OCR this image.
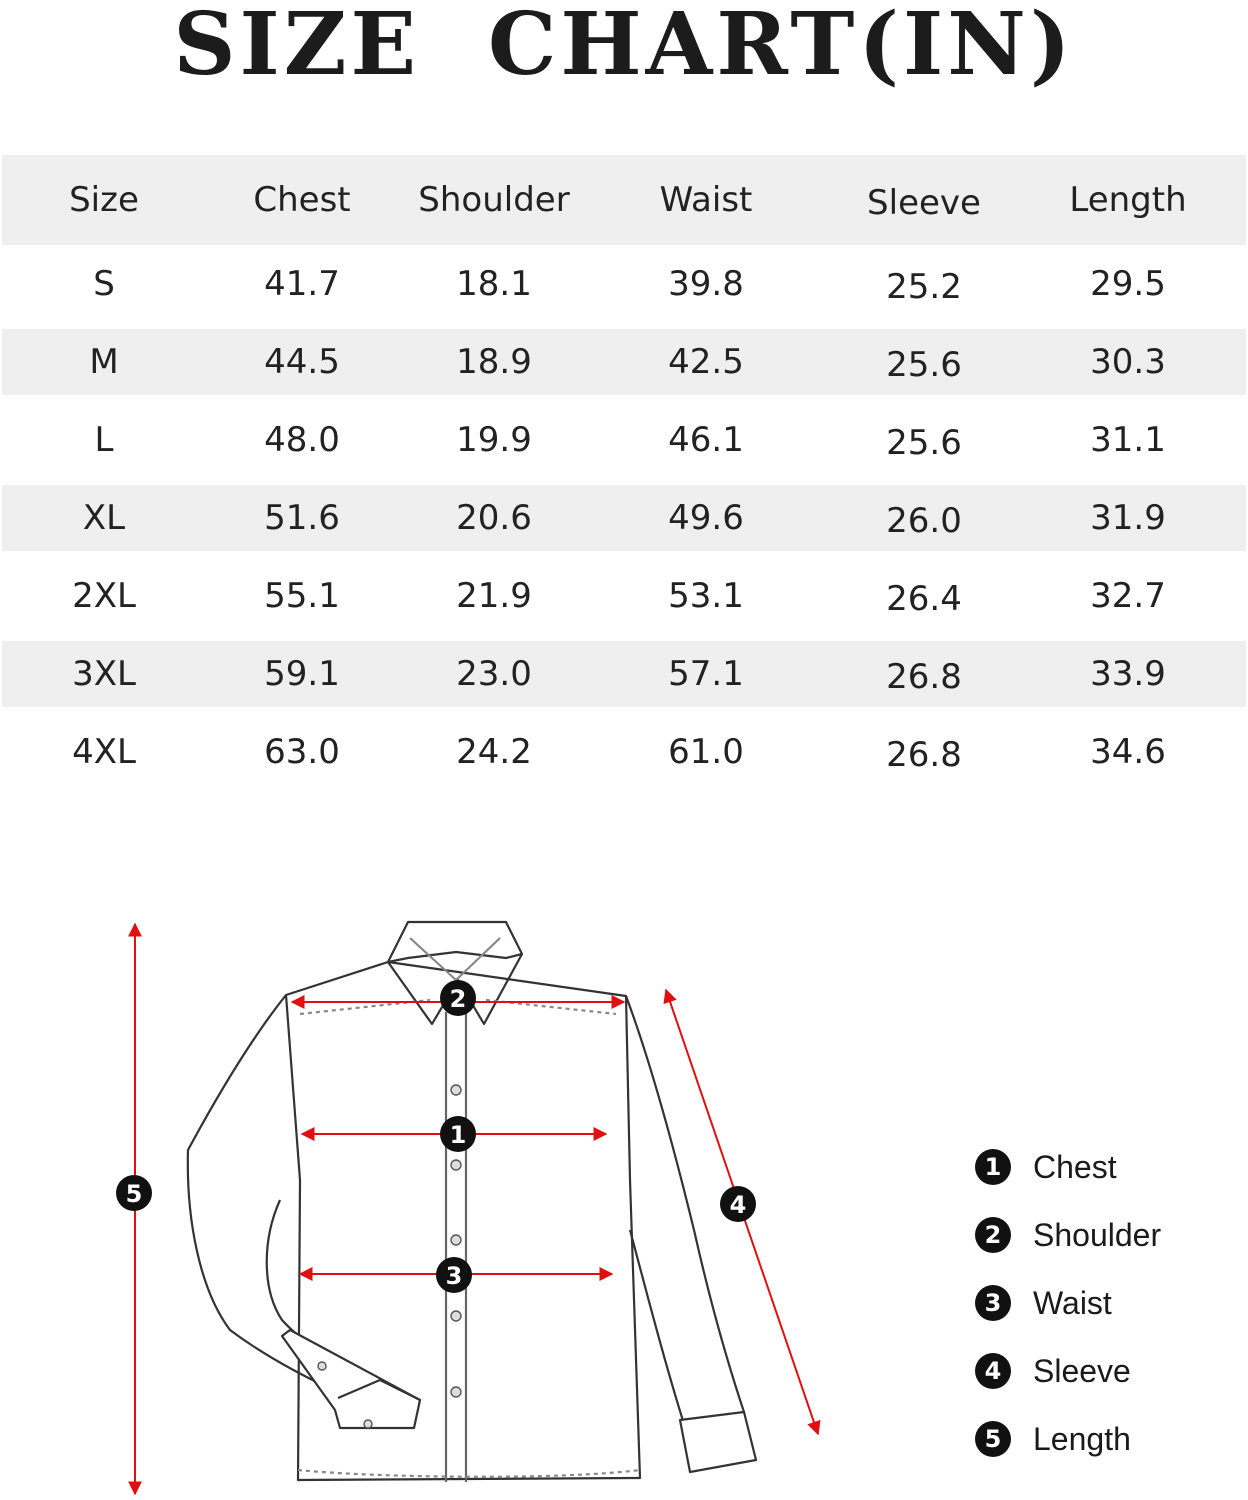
SIZE  CHART(IN)
Size	Chest	Shoulder	Waist	Sleeve	Length
S	41.7	18.1	39.8	25.2	29.5
M	44.5	18.9	42.5	25.6	30.3
L	48.0	19.9	46.1	25.6	31.1
XL	51.6	20.6	49.6	26.0	31.9
2XL	55.1	21.9	53.1	26.4	32.7
3XL	59.1	23.0	57.1	26.8	33.9
4XL	63.0	24.2	61.0	26.8	34.6
2
1
3
4
5
1 Chest
2 Shoulder
3 Waist
4 Sleeve
5 Length
